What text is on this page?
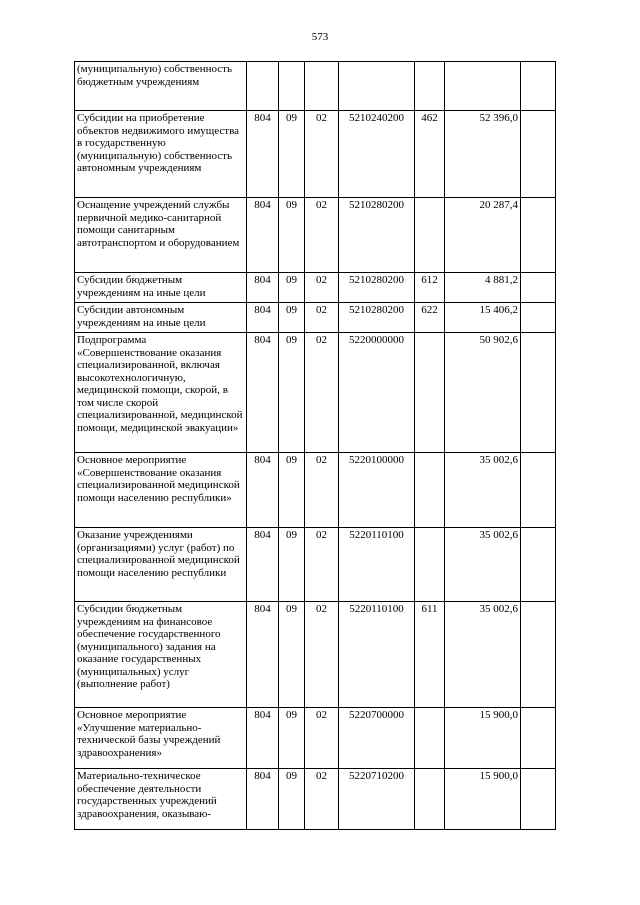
573
(муниципальную) собственность бюджетным учреждениям							
Субсидии на приобретение объектов недвижимого имущества в государственную (муниципальную) собственность автономным учреждениям	804	09	02	5210240200	462	52 396,0	
Оснащение учреждений службы первичной медико-санитарной помощи санитарным автотранспортом и оборудованием	804	09	02	5210280200		20 287,4	
Субсидии бюджетным учреждениям на иные цели	804	09	02	5210280200	612	4 881,2	
Субсидии автономным учреждениям на иные цели	804	09	02	5210280200	622	15 406,2	
Подпрограмма «Совершенствование оказания специализированной, включая высокотехнологичную, медицинской помощи, скорой, в том числе скорой специализированной, медицинской помощи, медицинской эвакуации»	804	09	02	5220000000		50 902,6	
Основное мероприятие «Совершенствование оказания специализированной медицинской помощи населению республики»	804	09	02	5220100000		35 002,6	
Оказание учреждениями (организациями) услуг (работ) по специализированной медицинской помощи населению республики	804	09	02	5220110100		35 002,6	
Субсидии бюджетным учреждениям на финансовое обеспечение государственного (муниципального) задания на оказание государственных (муниципальных) услуг (выполнение работ)	804	09	02	5220110100	611	35 002,6	
Основное мероприятие «Улучшение материально-технической базы учреждений здравоохранения»	804	09	02	5220700000		15 900,0	
Материально-техническое обеспечение деятельности государственных учреждений здравоохранения, оказываю-	804	09	02	5220710200		15 900,0	
